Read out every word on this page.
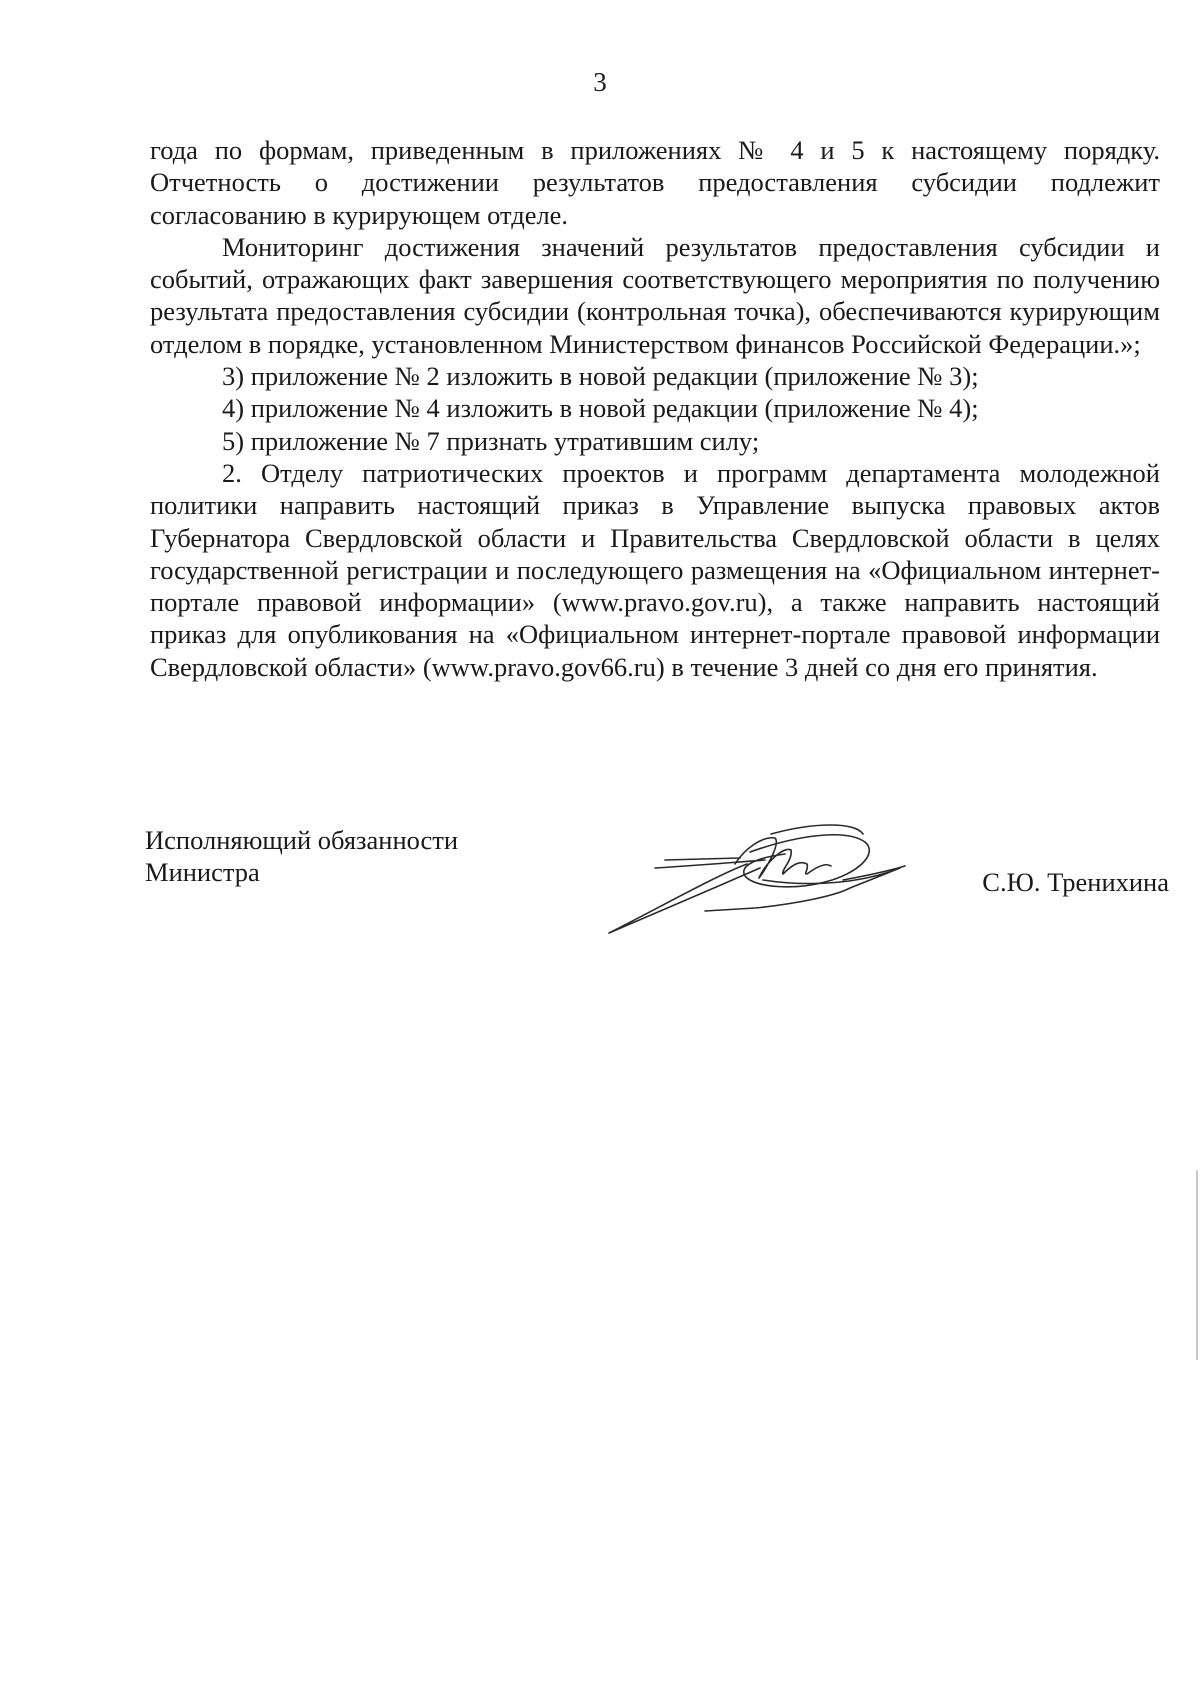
3

года по формам, приведенным в приложениях № 4 и 5 к настоящему порядку. Отчетность о достижении результатов предоставления субсидии подлежит согласованию в курирующем отделе.

Мониторинг достижения значений результатов предоставления субсидии и событий, отражающих факт завершения соответствующего мероприятия по получению результата предоставления субсидии (контрольная точка), обеспечиваются курирующим отделом в порядке, установленном Министерством финансов Российской Федерации.»;

3) приложение № 2 изложить в новой редакции (приложение № 3);

4) приложение № 4 изложить в новой редакции (приложение № 4);

5) приложение № 7 признать утратившим силу;

2. Отделу патриотических проектов и программ департамента молодежной политики направить настоящий приказ в Управление выпуска правовых актов Губернатора Свердловской области и Правительства Свердловской области в целях государственной регистрации и последующего размещения на «Официальном интернет-портале правовой информации» (www.pravo.gov.ru), а также направить настоящий приказ для опубликования на «Официальном интернет-портале правовой информации Свердловской области» (www.pravo.gov66.ru) в течение 3 дней со дня его принятия.

Исполняющий обязанности
Министра	С.Ю. Тренихина
